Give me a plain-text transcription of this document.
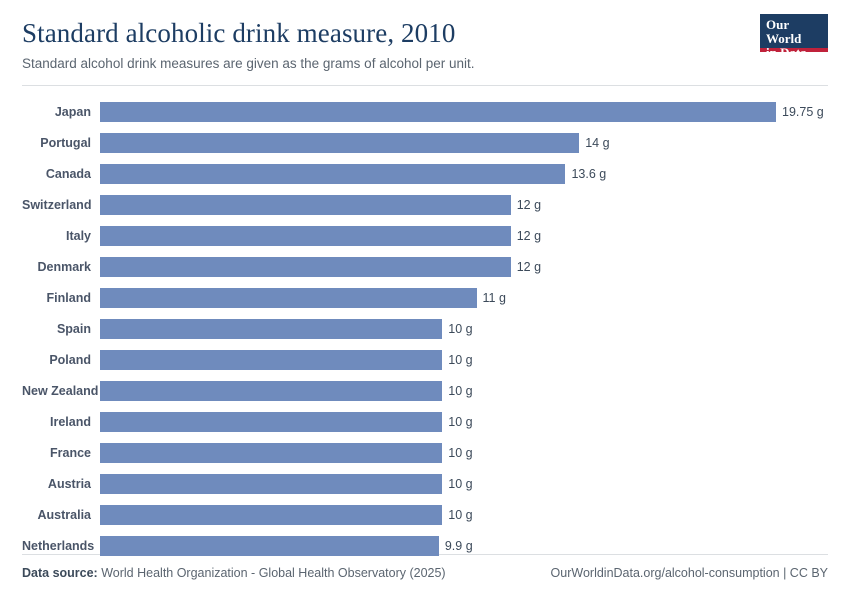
Standard alcoholic drink measure, 2010

Standard alcohol drink measures are given as the grams of alcohol per unit.

Our World
in Data
Japan	19.75 g
Portugal	14 g
Canada	13.6 g
Switzerland	12 g
Italy	12 g
Denmark	12 g
Finland	11 g
Spain	10 g
Poland	10 g
New Zealand	10 g
Ireland	10 g
France	10 g
Austria	10 g
Australia	10 g
Netherlands	9.9 g
Data source: World Health Organization - Global Health Observatory (2025)	OurWorldinData.org/alcohol-consumption | CC BY
